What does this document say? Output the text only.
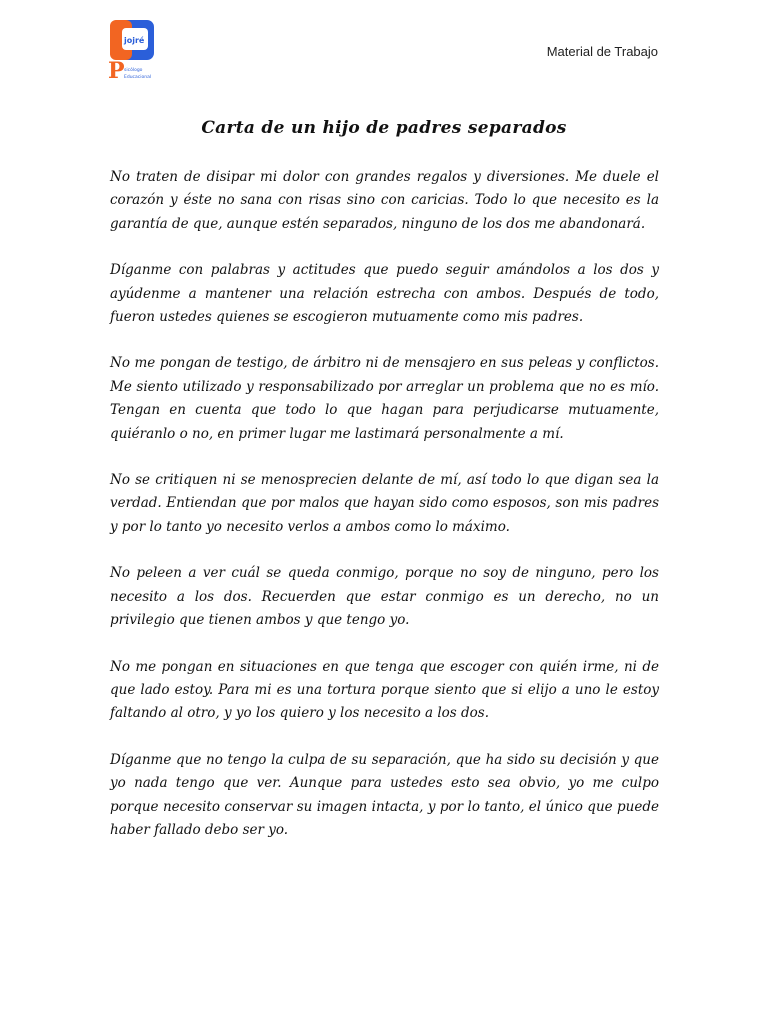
jojré
P sicólogo
Educacional
Material de Trabajo
Carta de un hijo de padres separados

No traten de disipar mi dolor con grandes regalos y diversiones. Me duele el corazón y éste no sana con risas sino con caricias. Todo lo que necesito es la garantía de que, aunque estén separados, ninguno de los dos me abandonará.

Díganme con palabras y actitudes que puedo seguir amándolos a los dos y ayúdenme a mantener una relación estrecha con ambos. Después de todo, fueron ustedes quienes se escogieron mutuamente como mis padres.

No me pongan de testigo, de árbitro ni de mensajero en sus peleas y conflictos. Me siento utilizado y responsabilizado por arreglar un problema que no es mío. Tengan en cuenta que todo lo que hagan para perjudicarse mutuamente, quiéranlo o no, en primer lugar me lastimará personalmente a mí.

No se critiquen ni se menosprecien delante de mí, así todo lo que digan sea la verdad. Entiendan que por malos que hayan sido como esposos, son mis padres y por lo tanto yo necesito verlos a ambos como lo máximo.

No peleen a ver cuál se queda conmigo, porque no soy de ninguno, pero los necesito a los dos. Recuerden que estar conmigo es un derecho, no un privilegio que tienen ambos y que tengo yo.

No me pongan en situaciones en que tenga que escoger con quién irme, ni de que lado estoy. Para mi es una tortura porque siento que si elijo a uno le estoy faltando al otro, y yo los quiero y los necesito a los dos.

Díganme que no tengo la culpa de su separación, que ha sido su decisión y que yo nada tengo que ver. Aunque para ustedes esto sea obvio, yo me culpo porque necesito conservar su imagen intacta, y por lo tanto, el único que puede haber fallado debo ser yo.
